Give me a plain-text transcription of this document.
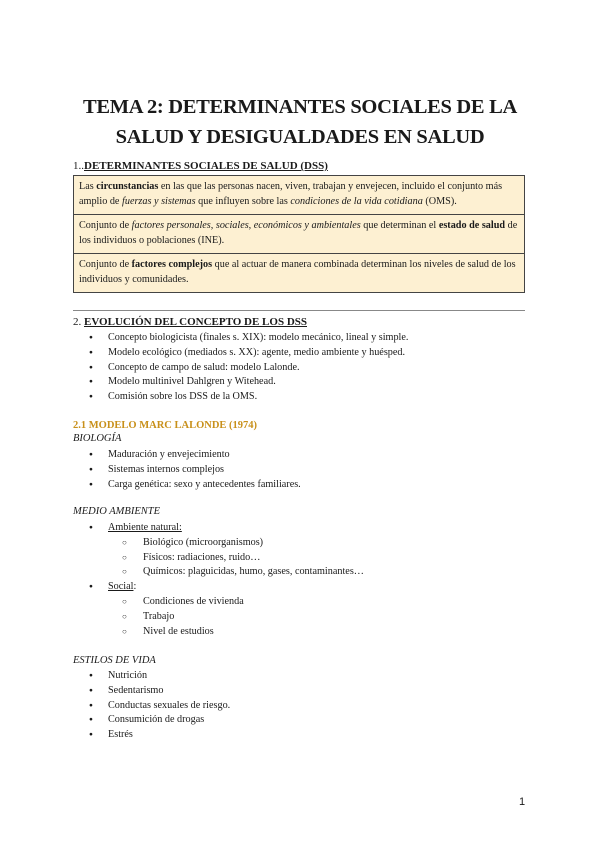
TEMA 2: DETERMINANTES SOCIALES DE LA
SALUD Y DESIGUALDADES EN SALUD
1..DETERMINANTES SOCIALES DE SALUD (DSS)
Las circunstancias en las que las personas nacen, viven, trabajan y envejecen, incluido el conjunto más amplio de fuerzas y sistemas que influyen sobre las condiciones de la vida cotidiana (OMS).
Conjunto de factores personales, sociales, económicos y ambientales que determinan el estado de salud de los individuos o poblaciones (INE).
Conjunto de factores complejos que al actuar de manera combinada determinan los niveles de salud de los individuos y comunidades.
2. EVOLUCIÓN DEL CONCEPTO DE LOS DSS
● Concepto biologicista (finales s. XIX): modelo mecánico, lineal y simple.
● Modelo ecológico (mediados s. XX): agente, medio ambiente y huésped.
● Concepto de campo de salud: modelo Lalonde.
● Modelo multinivel Dahlgren y Witehead.
● Comisión sobre los DSS de la OMS.
2.1 MODELO MARC LALONDE (1974)
BIOLOGÍA
● Maduración y envejecimiento
● Sistemas internos complejos
● Carga genética: sexo y antecedentes familiares.
MEDIO AMBIENTE
● Ambiente natural:
○ Biológico (microorganismos)
○ Físicos: radiaciones, ruido…
○ Químicos: plaguicidas, humo, gases, contaminantes…
● Social:
○ Condiciones de vivienda
○ Trabajo
○ Nivel de estudios
ESTILOS DE VIDA
● Nutrición
● Sedentarismo
● Conductas sexuales de riesgo.
● Consumición de drogas
● Estrés
1
